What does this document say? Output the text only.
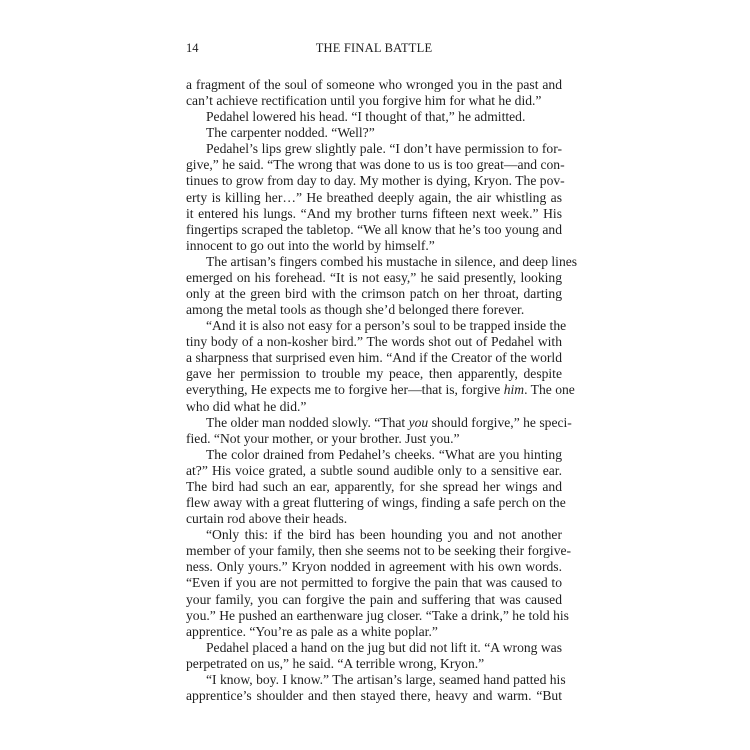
14	THE FINAL BATTLE
a fragment of the soul of someone who wronged you in the past and
can’t achieve rectification until you forgive him for what he did.”
Pedahel lowered his head. “I thought of that,” he admitted.
The carpenter nodded. “Well?”
Pedahel’s lips grew slightly pale. “I don’t have permission to for-
give,” he said. “The wrong that was done to us is too great—and con-
tinues to grow from day to day. My mother is dying, Kryon. The pov-
erty is killing her…” He breathed deeply again, the air whistling as
it entered his lungs. “And my brother turns fifteen next week.” His
fingertips scraped the tabletop. “We all know that he’s too young and
innocent to go out into the world by himself.”
The artisan’s fingers combed his mustache in silence, and deep lines
emerged on his forehead. “It is not easy,” he said presently, looking
only at the green bird with the crimson patch on her throat, darting
among the metal tools as though she’d belonged there forever.
“And it is also not easy for a person’s soul to be trapped inside the
tiny body of a non-kosher bird.” The words shot out of Pedahel with
a sharpness that surprised even him. “And if the Creator of the world
gave her permission to trouble my peace, then apparently, despite
everything, He expects me to forgive her—that is, forgive him. The one
who did what he did.”
The older man nodded slowly. “That you should forgive,” he speci-
fied. “Not your mother, or your brother. Just you.”
The color drained from Pedahel’s cheeks. “What are you hinting
at?” His voice grated, a subtle sound audible only to a sensitive ear.
The bird had such an ear, apparently, for she spread her wings and
flew away with a great fluttering of wings, finding a safe perch on the
curtain rod above their heads.
“Only this: if the bird has been hounding you and not another
member of your family, then she seems not to be seeking their forgive-
ness. Only yours.” Kryon nodded in agreement with his own words.
“Even if you are not permitted to forgive the pain that was caused to
your family, you can forgive the pain and suffering that was caused
you.” He pushed an earthenware jug closer. “Take a drink,” he told his
apprentice. “You’re as pale as a white poplar.”
Pedahel placed a hand on the jug but did not lift it. “A wrong was
perpetrated on us,” he said. “A terrible wrong, Kryon.”
“I know, boy. I know.” The artisan’s large, seamed hand patted his
apprentice’s shoulder and then stayed there, heavy and warm. “But
